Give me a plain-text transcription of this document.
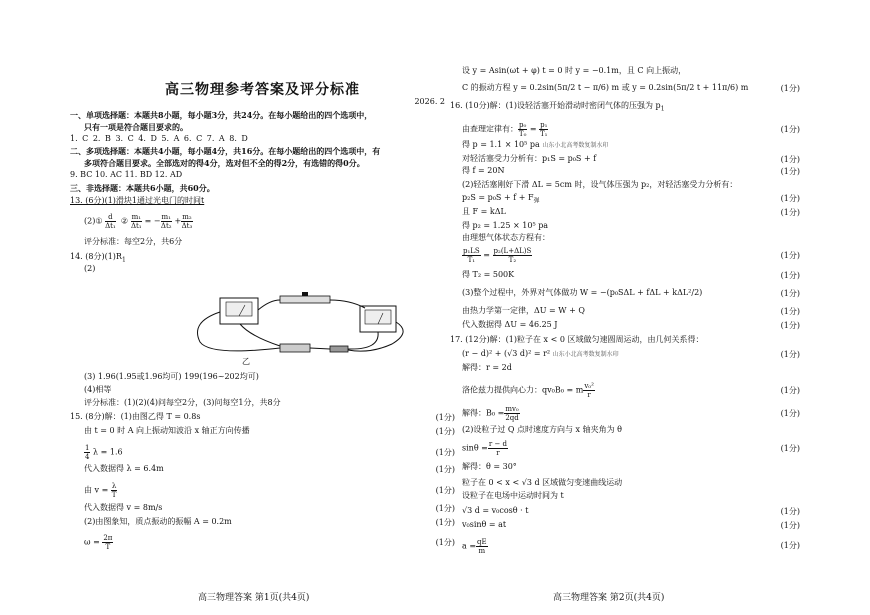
高三物理参考答案及评分标准
2026. 2
一、单项选择题：本题共8小题，每小题3分，共24分。在每小题给出的四个选项中，
只有一项是符合题目要求的。
1. C 2. B 3. C 4. D 5. A 6. C 7. A 8. D
二、多项选择题：本题共4小题，每小题4分，共16分。在每小题给出的四个选项中，有
多项符合题目要求。全部选对的得4分，选对但不全的得2分，有选错的得0分。
9. BC 10. AC 11. BD 12. AD
三、非选择题：本题共6小题，共60分。
13. (6分)(1)滑块1通过光电门的时间t
(2)① $\frac{d}{\text{Δt₁}}$ ② $\frac{\text{m₁}}{\text{Δt₁}}$ = − $\frac{\text{m₁}}{\text{Δt₂}} + \frac{\text{m₂}}{\text{Δt₃}}$
评分标准：每空2分，共6分
14. (8分)$(1)R_1$
(2)
乙
(3) 1.96(1.95或1.96均可) 199(196~202均可)
(4)相等
评分标准：(1)(2)(4)问每空2分，(3)问每空1分，共8分
15. (8分)解：(1)由图乙得 T = 0.8s	(1分)
由 t = 0 时 A 向上振动知波沿 x 轴正方向传播	(1分)
$\frac{1}{4}$ λ = 1.6	(1分)
代入数据得 λ = 6.4m	(1分)
由 $v = \frac{\lambda}{T}$	(1分)
代入数据得 v = 8m/s	(1分)
(2)由图象知，质点振动的振幅 A = 0.2m	(1分)
$\omega = \frac{2\pi}{T}$	(1分)
高三物理答案 第1页(共4页)
设 y = Asin(ωt + φ) t = 0 时 y = −0.1m，且 C 向上振动，
C 的振动方程 y = 0.2sin(5π/2 t − π/6) m 或 y = 0.2sin(5π/2 t + 11π/6) m	(1分)
16. (10分)解：(1)设轻活塞开始滑动时密闭气体的压强为 $p_1$
由查理定律有： $\frac{\text{p₀}}{\text{T₀}} = \frac{\text{p₁}}{\text{T₁}}$	(1分)
得 p = 1.1 × 10⁵ pa 山东小北高考数复制水印
对轻活塞受力分析有：p₁S = p₀S + f	(1分)
得 f = 20N	(1分)
(2)轻活塞刚好下滑 ΔL = 5cm 时，设气体压强为 p₂，对轻活塞受力分析有：
$p_2S = p_0S + f + F_弹$	(1分)
且 F = kΔL	(1分)
得 p₂ = 1.25 × 10⁵ pa
由理想气体状态方程有：
$\frac{\text{p₁LS}}{\text{T₁}} = \frac{\text{p₂(L+ΔL)S}}{\text{T₂}}$	(1分)
得 T₂ = 500K	(1分)
(3)整个过程中，外界对气体做功 W = −(p₀SΔL + fΔL + kΔL²/2)	(1分)
由热力学第一定律，ΔU = W + Q	(1分)
代入数据得 ΔU = 46.25 J	(1分)
17. (12分)解：(1)粒子在 x < 0 区域做匀速圆周运动，由几何关系得：
(r − d)² + (√3 d)² = r² 山东小北高考数复制水印	(1分)
解得：r = 2d
洛伦兹力提供向心力：qv₀B₀ = m $\frac{\text{v₀²}}{r}$	(1分)
解得：$B_0 = \frac{\text{mv₀}}{2qd}$	(1分)
(2)设粒子过 Q 点时速度方向与 x 轴夹角为 θ
$\sin\theta = \frac{r - d}{r}$	(1分)
解得：θ = 30°
粒子在 0 < x < √3 d 区域做匀变速曲线运动
设粒子在电场中运动时间为 t
√3 d = v₀cosθ · t	(1分)
v₀sinθ = at	(1分)
$a = \frac{qE}{m}$	(1分)
高三物理答案 第2页(共4页)
